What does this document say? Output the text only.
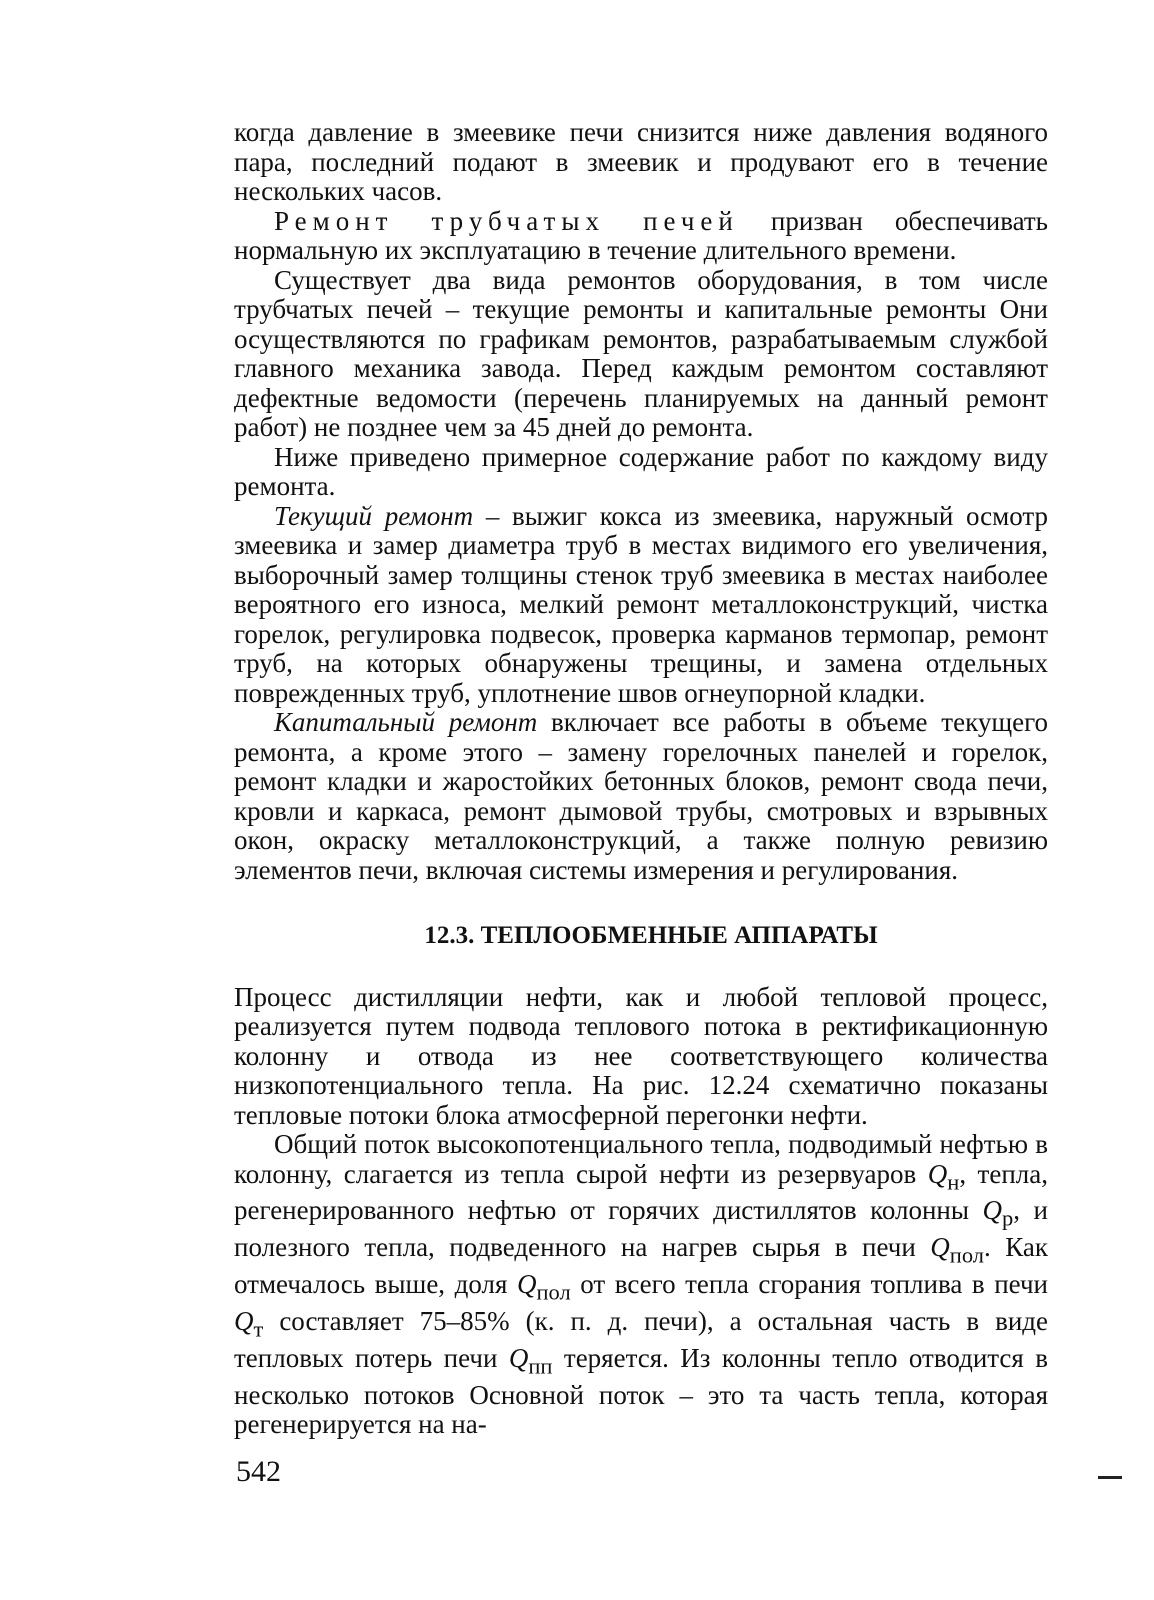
когда давление в змеевике печи снизится ниже давления водяного пара, последний подают в змеевик и продувают его в течение нескольких часов.

Ремонт трубчатых печей призван обеспечивать нормальную их эксплуатацию в течение длительного времени.

Существует два вида ремонтов оборудования, в том числе трубчатых печей – текущие ремонты и капитальные ремонты Они осуществляются по графикам ремонтов, разрабатываемым службой главного механика завода. Перед каждым ремонтом составляют дефектные ведомости (перечень планируемых на данный ремонт работ) не позднее чем за 45 дней до ремонта.

Ниже приведено примерное содержание работ по каждому виду ремонта.

Текущий ремонт – выжиг кокса из змеевика, наружный осмотр змеевика и замер диаметра труб в местах видимого его увеличения, выборочный замер толщины стенок труб змеевика в местах наиболее вероятного его износа, мелкий ремонт металлоконструкций, чистка горелок, регулировка подвесок, проверка карманов термопар, ремонт труб, на которых обнаружены трещины, и замена отдельных поврежденных труб, уплотнение швов огнеупорной кладки.

Капитальный ремонт включает все работы в объеме текущего ремонта, а кроме этого – замену горелочных панелей и горелок, ремонт кладки и жаростойких бетонных блоков, ремонт свода печи, кровли и каркаса, ремонт дымовой трубы, смотровых и взрывных окон, окраску металлоконструкций, а также полную ревизию элементов печи, включая системы измерения и регулирования.

12.3. ТЕПЛООБМЕННЫЕ АППАРАТЫ

Процесс дистилляции нефти, как и любой тепловой процесс, реализуется путем подвода теплового потока в ректификационную колонну и отвода из нее соответствующего количества низкопотенциального тепла. На рис. 12.24 схематично показаны тепловые потоки блока атмосферной перегонки нефти.

Общий поток высокопотенциального тепла, подводимый нефтью в колонну, слагается из тепла сырой нефти из резервуаров $Q_н$, тепла, регенерированного нефтью от горячих дистиллятов колонны $Q_р$, и полезного тепла, подведенного на нагрев сырья в печи $Q_{пол}$. Как отмечалось выше, доля $Q_{пол}$ от всего тепла сгорания топлива в печи $Q_т$ составляет 75–85% (к. п. д. печи), а остальная часть в виде тепловых потерь печи $Q_{пп}$ теряется. Из колонны тепло отводится в несколько потоков Основной поток – это та часть тепла, которая регенерируется на на-

542
